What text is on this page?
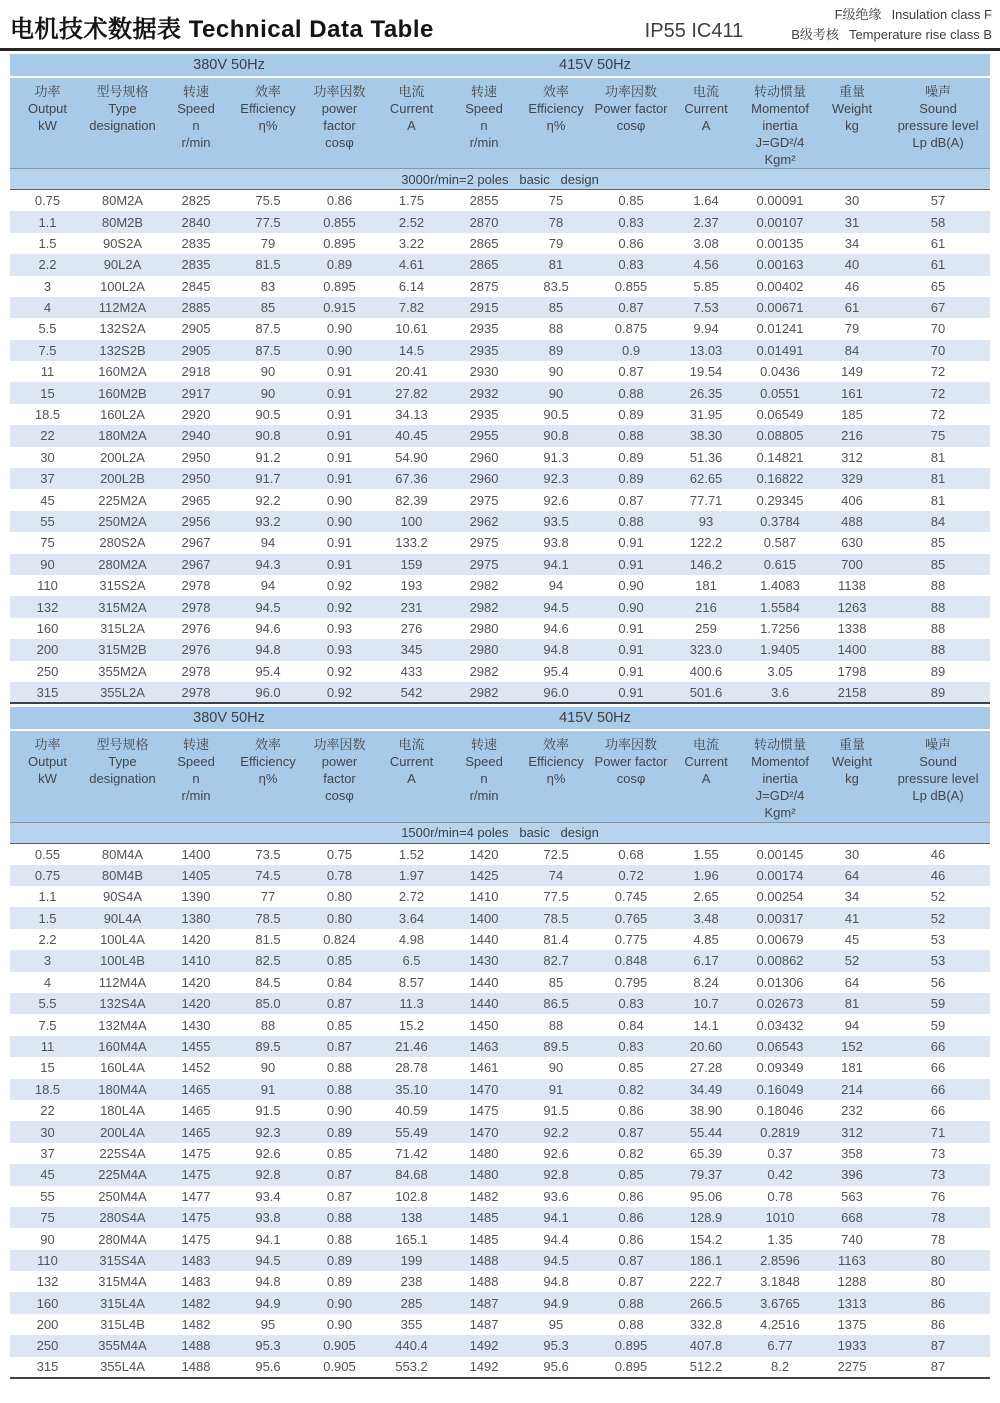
电机技术数据表 Technical Data Table	IP55 IC411
F级绝缘 Insulation class F
B级考核 Temperature rise class B
380V 50Hz						415V 50Hz						
功率
Output
kW	型号规格
Type
designation	转速
Speed
n
r/min	效率
Efficiency
η%	功率因数
power factor
cosφ	电流
Current
A	转速
Speed
n
r/min	效率
Efficiency
η%	功率因数
Power factor
cosφ	电流
Current
A	转动惯量
Momentof
inertia
J=GD²/4
Kgm²	重量
Weight
kg	噪声
Sound
pressure level
Lp dB(A)
3000r/min=2 poles   basic   design												
0.75	80M2A	2825	75.5	0.86	1.75	2855	75	0.85	1.64	0.00091	30	57
1.1	80M2B	2840	77.5	0.855	2.52	2870	78	0.83	2.37	0.00107	31	58
1.5	90S2A	2835	79	0.895	3.22	2865	79	0.86	3.08	0.00135	34	61
2.2	90L2A	2835	81.5	0.89	4.61	2865	81	0.83	4.56	0.00163	40	61
3	100L2A	2845	83	0.895	6.14	2875	83.5	0.855	5.85	0.00402	46	65
4	112M2A	2885	85	0.915	7.82	2915	85	0.87	7.53	0.00671	61	67
5.5	132S2A	2905	87.5	0.90	10.61	2935	88	0.875	9.94	0.01241	79	70
7.5	132S2B	2905	87.5	0.90	14.5	2935	89	0.9	13.03	0.01491	84	70
11	160M2A	2918	90	0.91	20.41	2930	90	0.87	19.54	0.0436	149	72
15	160M2B	2917	90	0.91	27.82	2932	90	0.88	26.35	0.0551	161	72
18.5	160L2A	2920	90.5	0.91	34.13	2935	90.5	0.89	31.95	0.06549	185	72
22	180M2A	2940	90.8	0.91	40.45	2955	90.8	0.88	38.30	0.08805	216	75
30	200L2A	2950	91.2	0.91	54.90	2960	91.3	0.89	51.36	0.14821	312	81
37	200L2B	2950	91.7	0.91	67.36	2960	92.3	0.89	62.65	0.16822	329	81
45	225M2A	2965	92.2	0.90	82.39	2975	92.6	0.87	77.71	0.29345	406	81
55	250M2A	2956	93.2	0.90	100	2962	93.5	0.88	93	0.3784	488	84
75	280S2A	2967	94	0.91	133.2	2975	93.8	0.91	122.2	0.587	630	85
90	280M2A	2967	94.3	0.91	159	2975	94.1	0.91	146.2	0.615	700	85
110	315S2A	2978	94	0.92	193	2982	94	0.90	181	1.4083	1138	88
132	315M2A	2978	94.5	0.92	231	2982	94.5	0.90	216	1.5584	1263	88
160	315L2A	2976	94.6	0.93	276	2980	94.6	0.91	259	1.7256	1338	88
200	315M2B	2976	94.8	0.93	345	2980	94.8	0.91	323.0	1.9405	1400	88
250	355M2A	2978	95.4	0.92	433	2982	95.4	0.91	400.6	3.05	1798	89
315	355L2A	2978	96.0	0.92	542	2982	96.0	0.91	501.6	3.6	2158	89
380V 50Hz						415V 50Hz						
功率
Output
kW	型号规格
Type
designation	转速
Speed
n
r/min	效率
Efficiency
η%	功率因数
power factor
cosφ	电流
Current
A	转速
Speed
n
r/min	效率
Efficiency
η%	功率因数
Power factor
cosφ	电流
Current
A	转动惯量
Momentof
inertia
J=GD²/4
Kgm²	重量
Weight
kg	噪声
Sound
pressure level
Lp dB(A)
1500r/min=4 poles   basic   design												
0.55	80M4A	1400	73.5	0.75	1.52	1420	72.5	0.68	1.55	0.00145	30	46
0.75	80M4B	1405	74.5	0.78	1.97	1425	74	0.72	1.96	0.00174	64	46
1.1	90S4A	1390	77	0.80	2.72	1410	77.5	0.745	2.65	0.00254	34	52
1.5	90L4A	1380	78.5	0.80	3.64	1400	78.5	0.765	3.48	0.00317	41	52
2.2	100L4A	1420	81.5	0.824	4.98	1440	81.4	0.775	4.85	0.00679	45	53
3	100L4B	1410	82.5	0.85	6.5	1430	82.7	0.848	6.17	0.00862	52	53
4	112M4A	1420	84.5	0.84	8.57	1440	85	0.795	8.24	0.01306	64	56
5.5	132S4A	1420	85.0	0.87	11.3	1440	86.5	0.83	10.7	0.02673	81	59
7.5	132M4A	1430	88	0.85	15.2	1450	88	0.84	14.1	0.03432	94	59
11	160M4A	1455	89.5	0.87	21.46	1463	89.5	0.83	20.60	0.06543	152	66
15	160L4A	1452	90	0.88	28.78	1461	90	0.85	27.28	0.09349	181	66
18.5	180M4A	1465	91	0.88	35.10	1470	91	0.82	34.49	0.16049	214	66
22	180L4A	1465	91.5	0.90	40.59	1475	91.5	0.86	38.90	0.18046	232	66
30	200L4A	1465	92.3	0.89	55.49	1470	92.2	0.87	55.44	0.2819	312	71
37	225S4A	1475	92.6	0.85	71.42	1480	92.6	0.82	65.39	0.37	358	73
45	225M4A	1475	92.8	0.87	84.68	1480	92.8	0.85	79.37	0.42	396	73
55	250M4A	1477	93.4	0.87	102.8	1482	93.6	0.86	95.06	0.78	563	76
75	280S4A	1475	93.8	0.88	138	1485	94.1	0.86	128.9	1010	668	78
90	280M4A	1475	94.1	0.88	165.1	1485	94.4	0.86	154.2	1.35	740	78
110	315S4A	1483	94.5	0.89	199	1488	94.5	0.87	186.1	2.8596	1163	80
132	315M4A	1483	94.8	0.89	238	1488	94.8	0.87	222.7	3.1848	1288	80
160	315L4A	1482	94.9	0.90	285	1487	94.9	0.88	266.5	3.6765	1313	86
200	315L4B	1482	95	0.90	355	1487	95	0.88	332.8	4.2516	1375	86
250	355M4A	1488	95.3	0.905	440.4	1492	95.3	0.895	407.8	6.77	1933	87
315	355L4A	1488	95.6	0.905	553.2	1492	95.6	0.895	512.2	8.2	2275	87
